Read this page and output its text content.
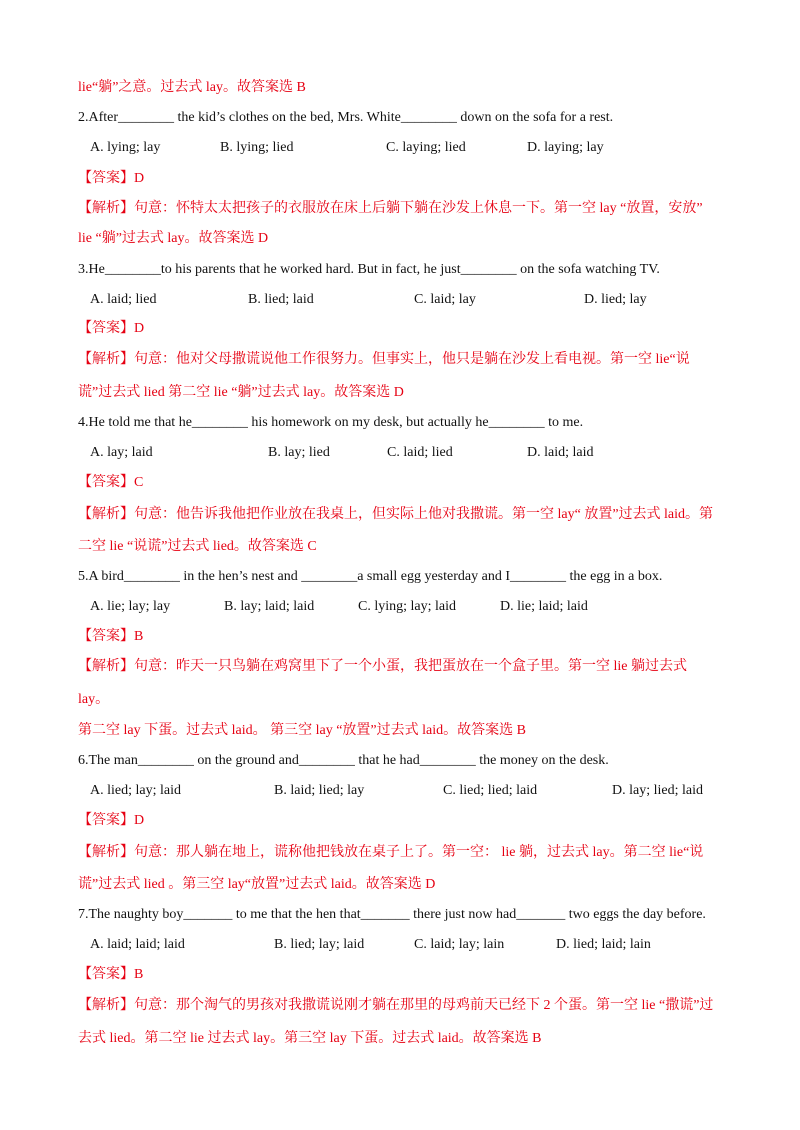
lie“躺”之意。过去式 lay。故答案选 B
2.After________ the kid’s clothes on the bed, Mrs. White________ down on the sofa for a rest.
A. lying; lay	B. lying; lied	C. laying; lied	D. laying; lay
【答案】D
【解析】句意：怀特太太把孩子的衣服放在床上后躺下躺在沙发上休息一下。第一空 lay “放置，安放”
lie “躺”过去式 lay。故答案选 D
3.He________to his parents that he worked hard. But in fact, he just________ on the sofa watching TV.
A. laid; lied	B. lied; laid	C. laid; lay	D. lied; lay
【答案】D
【解析】句意：他对父母撒谎说他工作很努力。但事实上，他只是躺在沙发上看电视。第一空 lie“说
谎”过去式 lied 第二空 lie “躺”过去式 lay。故答案选 D
4.He told me that he________ his homework on my desk, but actually he________ to me.
A. lay; laid	B. lay; lied	C. laid; lied	D. laid; laid
【答案】C
【解析】句意：他告诉我他把作业放在我桌上，但实际上他对我撒谎。第一空 lay“ 放置”过去式 laid。第
二空 lie “说谎”过去式 lied。故答案选 C
5.A bird________ in the hen’s nest and ________a small egg yesterday and I________ the egg in a box.
A. lie; lay; lay	B. lay; laid; laid	C. lying; lay; laid	D. lie; laid; laid
【答案】B
【解析】句意：昨天一只鸟躺在鸡窝里下了一个小蛋，我把蛋放在一个盒子里。第一空 lie 躺过去式
lay。
第二空 lay 下蛋。过去式 laid。 第三空 lay “放置”过去式 laid。故答案选 B
6.The man________ on the ground and________ that he had________ the money on the desk.
A. lied; lay; laid	B. laid; lied; lay	C. lied; lied; laid	D. lay; lied; laid
【答案】D
【解析】句意：那人躺在地上，谎称他把钱放在桌子上了。第一空： lie 躺，过去式 lay。第二空 lie“说
谎”过去式 lied 。第三空 lay“放置”过去式 laid。故答案选 D
7.The naughty boy_______ to me that the hen that_______ there just now had_______ two eggs the day before.
A. laid; laid; laid	B. lied; lay; laid	C. laid; lay; lain	D. lied; laid; lain
【答案】B
【解析】句意：那个淘气的男孩对我撒谎说刚才躺在那里的母鸡前天已经下 2 个蛋。第一空 lie “撒谎”过
去式 lied。第二空 lie 过去式 lay。第三空 lay 下蛋。过去式 laid。故答案选 B
